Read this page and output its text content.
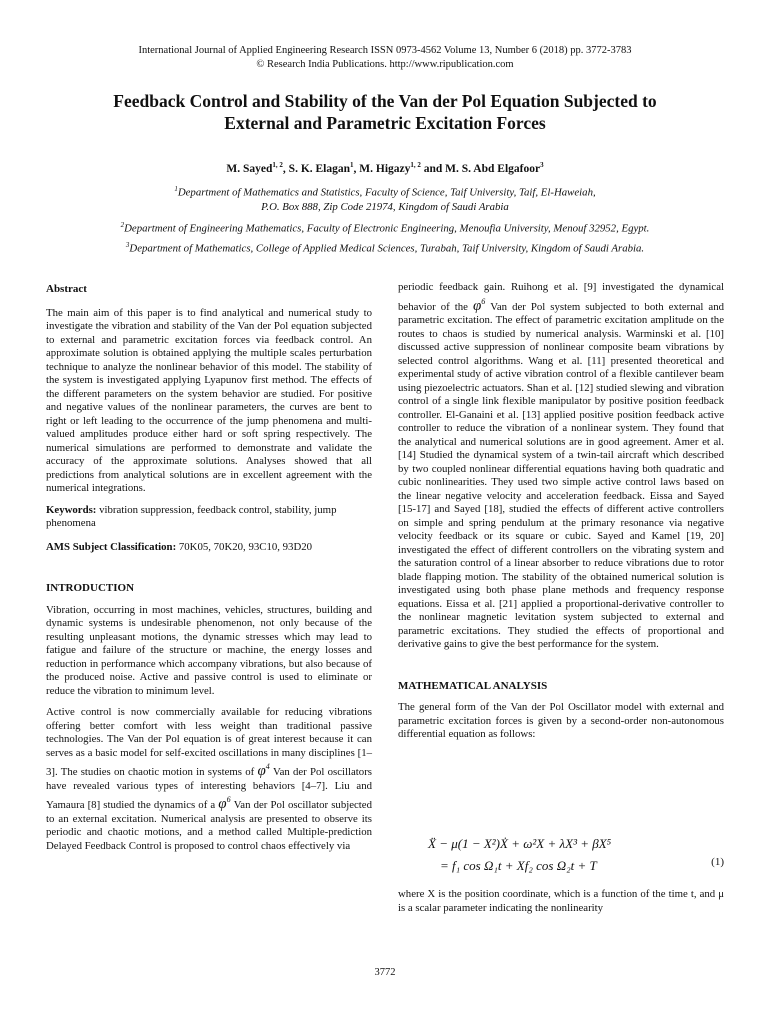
International Journal of Applied Engineering Research ISSN 0973-4562 Volume 13, Number 6 (2018) pp. 3772-3783
© Research India Publications. http://www.ripublication.com
Feedback Control and Stability of the Van der Pol Equation Subjected to
External and Parametric Excitation Forces
M. Sayed$^{1, 2}$, S. K. Elagan$^1$, M. Higazy$^{1, 2}$ and M. S. Abd Elgafoor$^3$
$^1$Department of Mathematics and Statistics, Faculty of Science, Taif University, Taif, El-Haweiah,
P.O. Box 888, Zip Code 21974, Kingdom of Saudi Arabia
$^2$Department of Engineering Mathematics, Faculty of Electronic Engineering, Menoufia University, Menouf 32952, Egypt.
$^3$Department of Mathematics, College of Applied Medical Sciences, Turabah, Taif University, Kingdom of Saudi Arabia.

Abstract

The main aim of this paper is to find analytical and numerical study to investigate the vibration and stability of the Van der Pol equation subjected to external and parametric excitation forces via feedback control. An approximate solution is obtained applying the multiple scales perturbation technique to analyze the nonlinear behavior of this model. The stability of the system is investigated applying Lyapunov first method. The effects of the different parameters on the system behavior are studied. For positive and negative values of the nonlinear parameters, the curves are bent to right or left leading to the occurrence of the jump phenomena and multi-valued amplitudes produce either hard or soft spring respectively. The numerical simulations are performed to demonstrate and validate the accuracy of the approximate solutions. Analyses showed that all predictions from analytical solutions are in excellent agreement with the numerical integrations.

Keywords: vibration suppression, feedback control, stability, jump phenomena

AMS Subject Classification: 70K05, 70K20, 93C10, 93D20

INTRODUCTION

Vibration, occurring in most machines, vehicles, structures, building and dynamic systems is undesirable phenomenon, not only because of the resulting unpleasant motions, the dynamic stresses which may lead to fatigue and failure of the structure or machine, the energy losses and reduction in performance which accompany vibrations, but also because of the produced noise. Active and passive control is used to eliminate or reduce the vibration to minimum level.

Active control is now commercially available for reducing vibrations offering better comfort with less weight than traditional passive technologies. The Van der Pol equation is of great interest because it can serves as a basic model for self-excited oscillations in many disciplines [1–3]. The studies on chaotic motion in systems of $\varphi^4$ Van der Pol oscillators have revealed various types of interesting behaviors [4–7]. Liu and Yamaura [8] studied the dynamics of a $\varphi^6$ Van der Pol oscillator subjected to an external excitation. Numerical analysis are presented to observe its periodic and chaotic motions, and a method called Multiple-prediction Delayed Feedback Control is proposed to control chaos effectively via

periodic feedback gain. Ruihong et al. [9] investigated the dynamical behavior of the $\varphi^6$ Van der Pol system subjected to both external and parametric excitation. The effect of parametric excitation amplitude on the routes to chaos is studied by numerical analysis. Warminski et al. [10] discussed active suppression of nonlinear composite beam vibrations by selected control algorithms. Wang et al. [11] presented theoretical and experimental study of active vibration control of a flexible cantilever beam using piezoelectric actuators. Shan et al. [12] studied slewing and vibration control of a single link flexible manipulator by positive position feedback controller. El-Ganaini et al. [13] applied positive position feedback active controller to reduce the vibration of a nonlinear system. They found that the analytical and numerical solutions are in good agreement. Amer et al. [14] Studied the dynamical system of a twin-tail aircraft which described by two coupled nonlinear differential equations having both quadratic and cubic nonlinearities. They used two simple active control laws based on the linear negative velocity and acceleration feedback. Eissa and Sayed [15-17] and Sayed [18], studied the effects of different active controllers on simple and spring pendulum at the primary resonance via negative velocity feedback or its square or cubic. Sayed and Kamel [19, 20] investigated the effect of different controllers on the vibrating system and the saturation control of a linear absorber to reduce vibrations due to rotor blade flapping motion. The stability of the obtained numerical solution is investigated using both phase plane methods and frequency response equations. Eissa et al. [21] applied a proportional-derivative controller to the nonlinear magnetic levitation system subjected to external and parametric excitations. They studied the effects of proportional and derivative gains to give the best performance for the system.

MATHEMATICAL ANALYSIS

The general form of the Van der Pol Oscillator model with external and parametric excitation forces is given by a second-order non-autonomous differential equation as follows:

Ẍ − μ(1 − X²)Ẋ + ω²X + λX³ + βX⁵
= f₁ cos Ω₁t + Xf₂ cos Ω₂t + T	(1)

where X is the position coordinate, which is a function of the time t, and μ is a scalar parameter indicating the nonlinearity

3772
